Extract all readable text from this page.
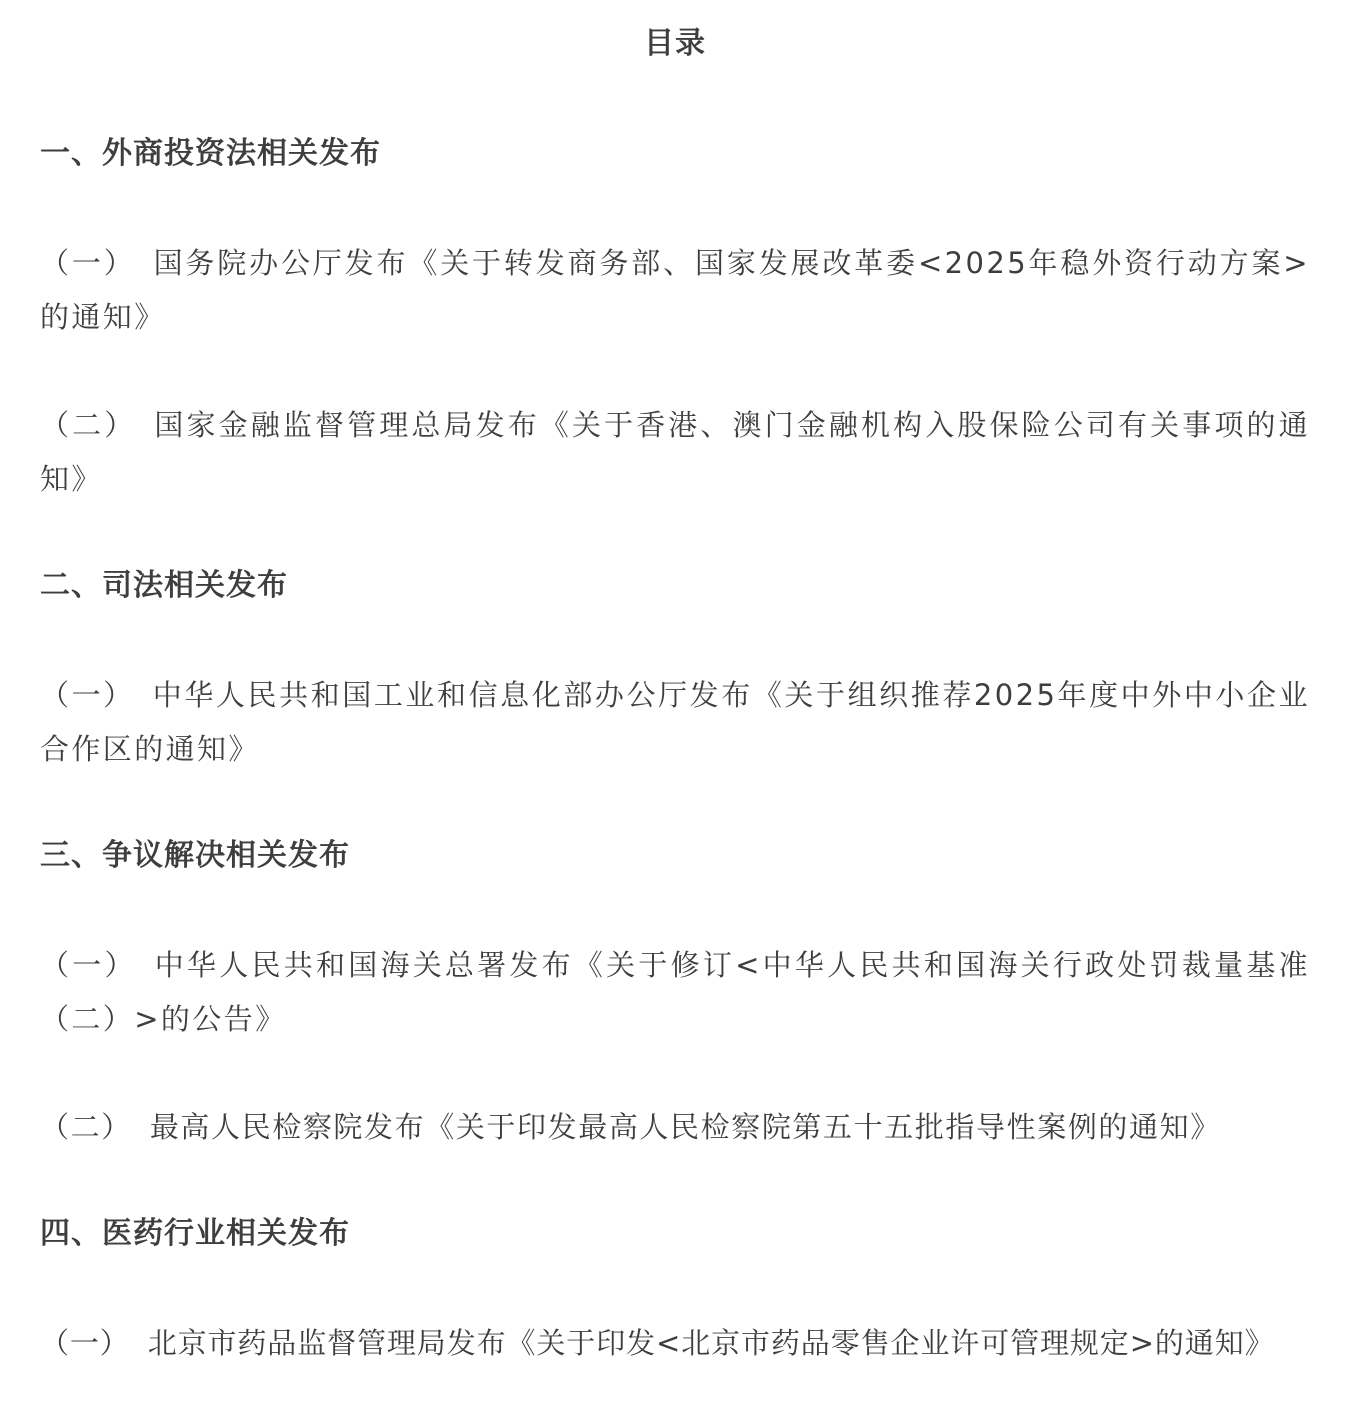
目录
一、外商投资法相关发布

（一） 国务院办公厅发布《关于转发商务部、国家发展改革委<2025年稳外资行动方案>的通知》

（二） 国家金融监督管理总局发布《关于香港、澳门金融机构入股保险公司有关事项的通知》

二、司法相关发布

（一） 中华人民共和国工业和信息化部办公厅发布《关于组织推荐2025年度中外中小企业合作区的通知》

三、争议解决相关发布

（一） 中华人民共和国海关总署发布《关于修订<中华人民共和国海关行政处罚裁量基准（二）>的公告》

（二） 最高人民检察院发布《关于印发最高人民检察院第五十五批指导性案例的通知》

四、医药行业相关发布

（一） 北京市药品监督管理局发布《关于印发<北京市药品零售企业许可管理规定>的通知》
